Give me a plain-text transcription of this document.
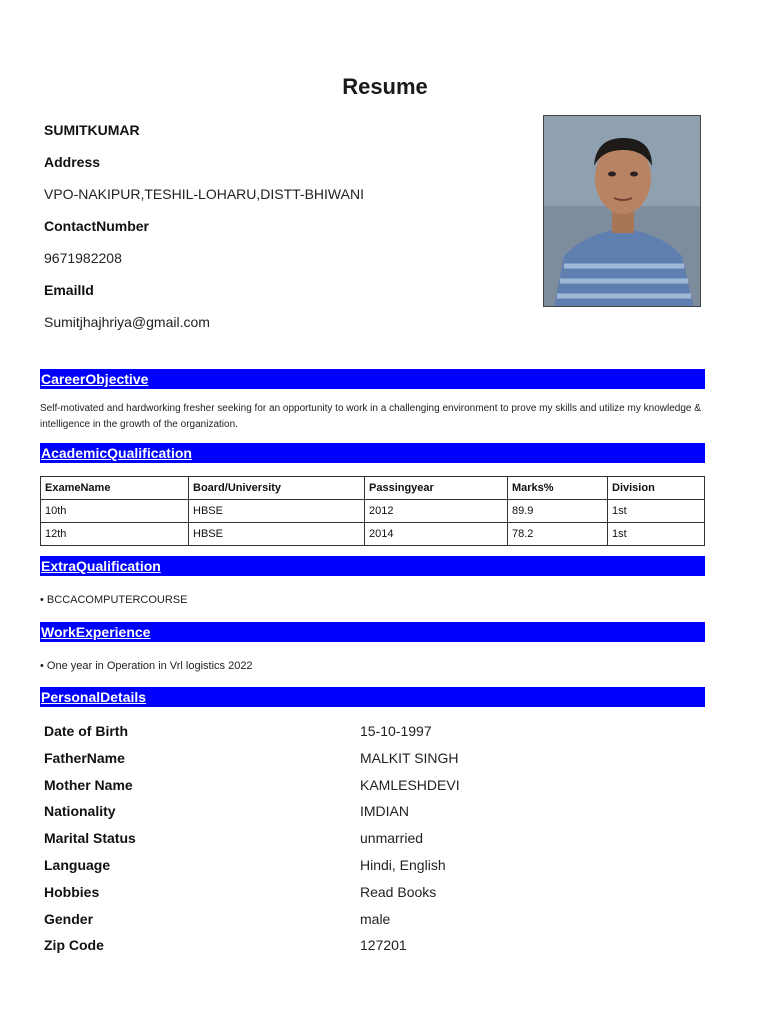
Resume
SUMITKUMAR
Address
VPO-NAKIPUR,TESHIL-LOHARU,DISTT-BHIWANI
ContactNumber
9671982208
EmailId
Sumitjhajhriya@gmail.com
CareerObjective
Self-motivated and hardworking fresher seeking for an opportunity to work in a challenging environment to prove my skills and utilize my knowledge & intelligence in the growth of the organization.
AcademicQualification
ExameName	Board/University	Passingyear	Marks%	Division
10th	HBSE	2012	89.9	1st
12th	HBSE	2014	78.2	1st
ExtraQualification
• BCCACOMPUTERCOURSE
WorkExperience
• One year in Operation in Vrl logistics 2022
PersonalDetails
Date of Birth	15-10-1997
FatherName	MALKIT SINGH
Mother Name	KAMLESHDEVI
Nationality	IMDIAN
Marital Status	unmarried
Language	Hindi, English
Hobbies	Read Books
Gender	male
Zip Code	127201
